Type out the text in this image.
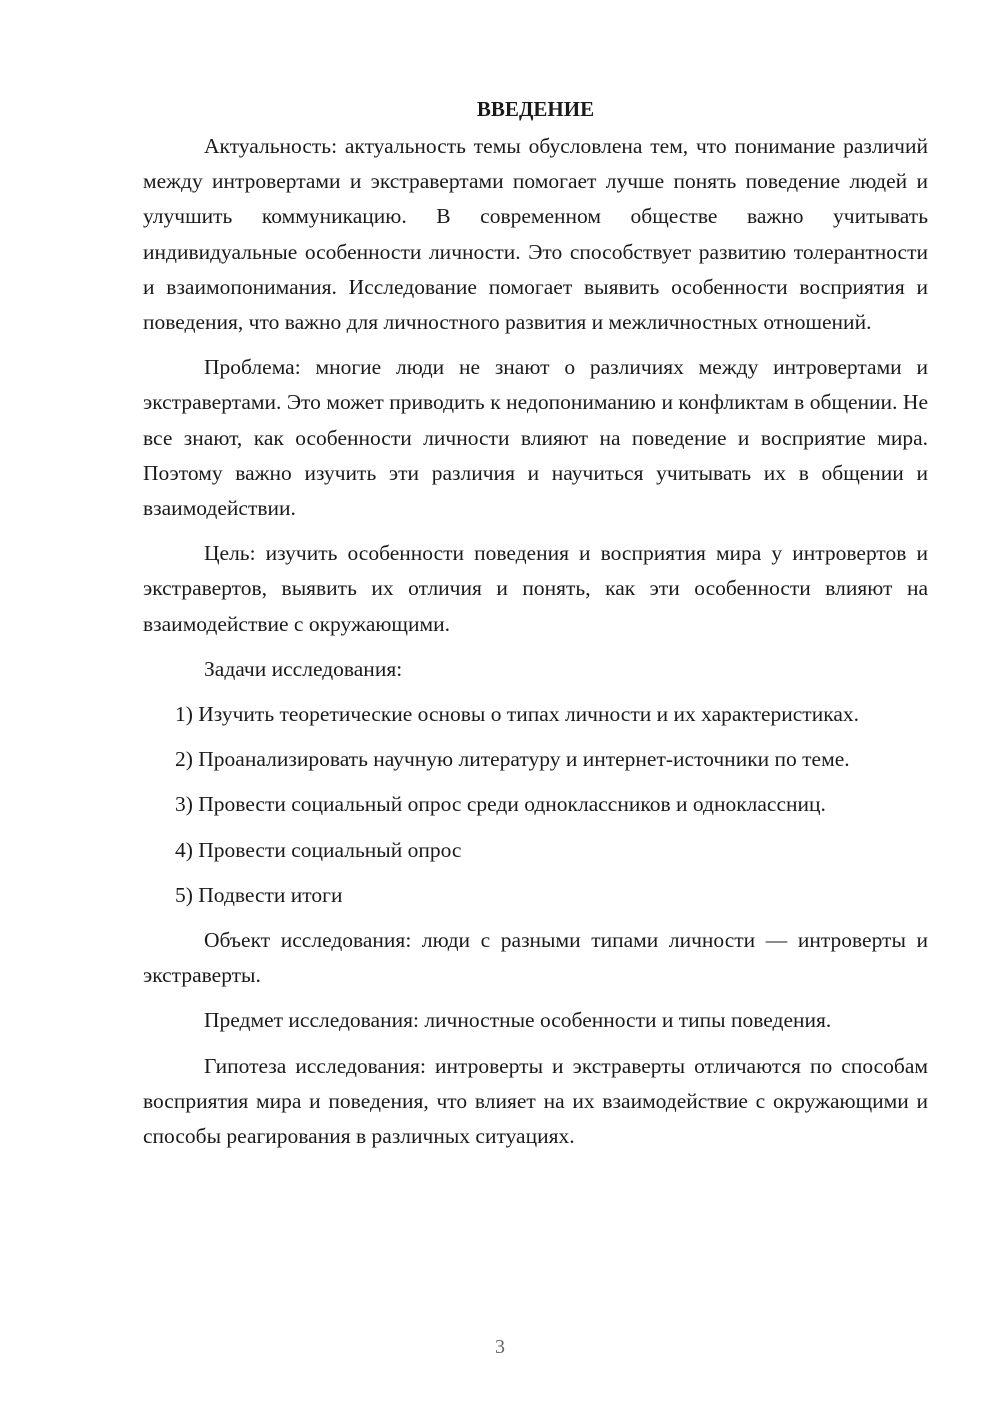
ВВЕДЕНИЕ

Актуальность: актуальность темы обусловлена тем, что понимание различий между интровертами и экстравертами помогает лучше понять поведение людей и улучшить коммуникацию. В современном обществе важно учитывать индивидуальные особенности личности. Это способствует развитию толерантности и взаимопонимания. Исследование помогает выявить особенности восприятия и поведения, что важно для личностного развития и межличностных отношений.

Проблема: многие люди не знают о различиях между интровертами и экстравертами. Это может приводить к недопониманию и конфликтам в общении. Не все знают, как особенности личности влияют на поведение и восприятие мира. Поэтому важно изучить эти различия и научиться учитывать их в общении и взаимодействии.

Цель: изучить особенности поведения и восприятия мира у интровертов и экстравертов, выявить их отличия и понять, как эти особенности влияют на взаимодействие с окружающими.

Задачи исследования:

1) Изучить теоретические основы о типах личности и их характеристиках.

2) Проанализировать научную литературу и интернет-источники по теме.

3) Провести социальный опрос среди одноклассников и одноклассниц.

4) Провести социальный опрос

5) Подвести итоги

Объект исследования: люди с разными типами личности — интроверты и экстраверты.

Предмет исследования: личностные особенности и типы поведения.

Гипотеза исследования: интроверты и экстраверты отличаются по способам восприятия мира и поведения, что влияет на их взаимодействие с окружающими и способы реагирования в различных ситуациях.

3
